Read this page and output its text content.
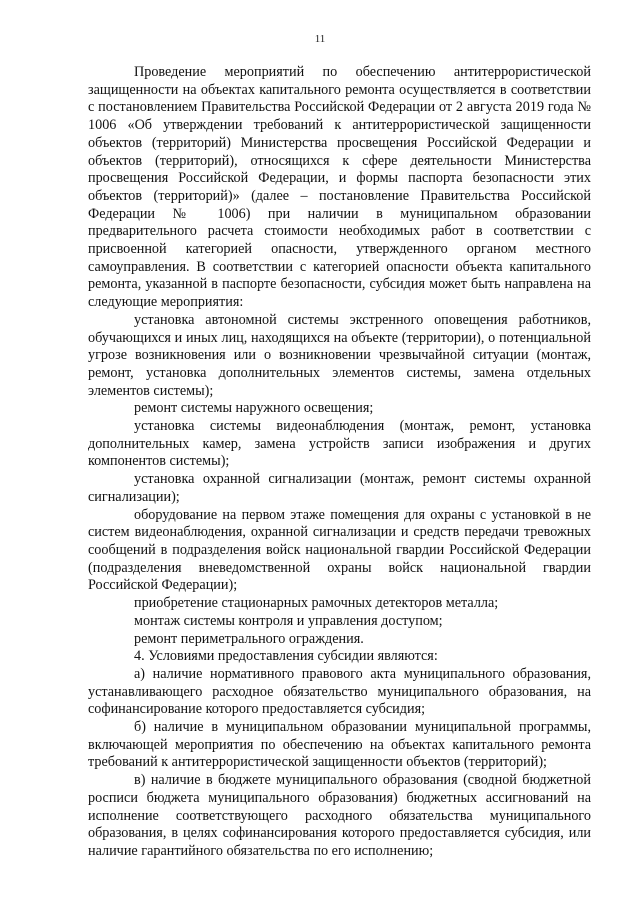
11

Проведение мероприятий по обеспечению антитеррористической защищенности на объектах капитального ремонта осуществляется в соответствии с постановлением Правительства Российской Федерации от 2 августа 2019 года № 1006 «Об утверждении требований к антитеррористической защищенности объектов (территорий) Министерства просвещения Российской Федерации и объектов (территорий), относящихся к сфере деятельности Министерства просвещения Российской Федерации, и формы паспорта безопасности этих объектов (территорий)» (далее – постановление Правительства Российской Федерации № 1006) при наличии в муниципальном образовании предварительного расчета стоимости необходимых работ в соответствии с присвоенной категорией опасности, утвержденного органом местного самоуправления. В соответствии с категорией опасности объекта капитального ремонта, указанной в паспорте безопасности, субсидия может быть направлена на следующие мероприятия:

установка автономной системы экстренного оповещения работников, обучающихся и иных лиц, находящихся на объекте (территории), о потенциальной угрозе возникновения или о возникновении чрезвычайной ситуации (монтаж, ремонт, установка дополнительных элементов системы, замена отдельных элементов системы);

ремонт системы наружного освещения;

установка системы видеонаблюдения (монтаж, ремонт, установка дополнительных камер, замена устройств записи изображения и других компонентов системы);

установка охранной сигнализации (монтаж, ремонт системы охранной сигнализации);

оборудование на первом этаже помещения для охраны с установкой в не систем видеонаблюдения, охранной сигнализации и средств передачи тревожных сообщений в подразделения войск национальной гвардии Российской Федерации (подразделения вневедомственной охраны войск национальной гвардии Российской Федерации);

приобретение стационарных рамочных детекторов металла;

монтаж системы контроля и управления доступом;

ремонт периметрального ограждения.

4. Условиями предоставления субсидии являются:

а) наличие нормативного правового акта муниципального образования, устанавливающего расходное обязательство муниципального образования, на софинансирование которого предоставляется субсидия;

б) наличие в муниципальном образовании муниципальной программы, включающей мероприятия по обеспечению на объектах капитального ремонта требований к антитеррористической защищенности объектов (территорий);

в) наличие в бюджете муниципального образования (сводной бюджетной росписи бюджета муниципального образования) бюджетных ассигнований на исполнение соответствующего расходного обязательства муниципального образования, в целях софинансирования которого предоставляется субсидия, или наличие гарантийного обязательства по его исполнению;
